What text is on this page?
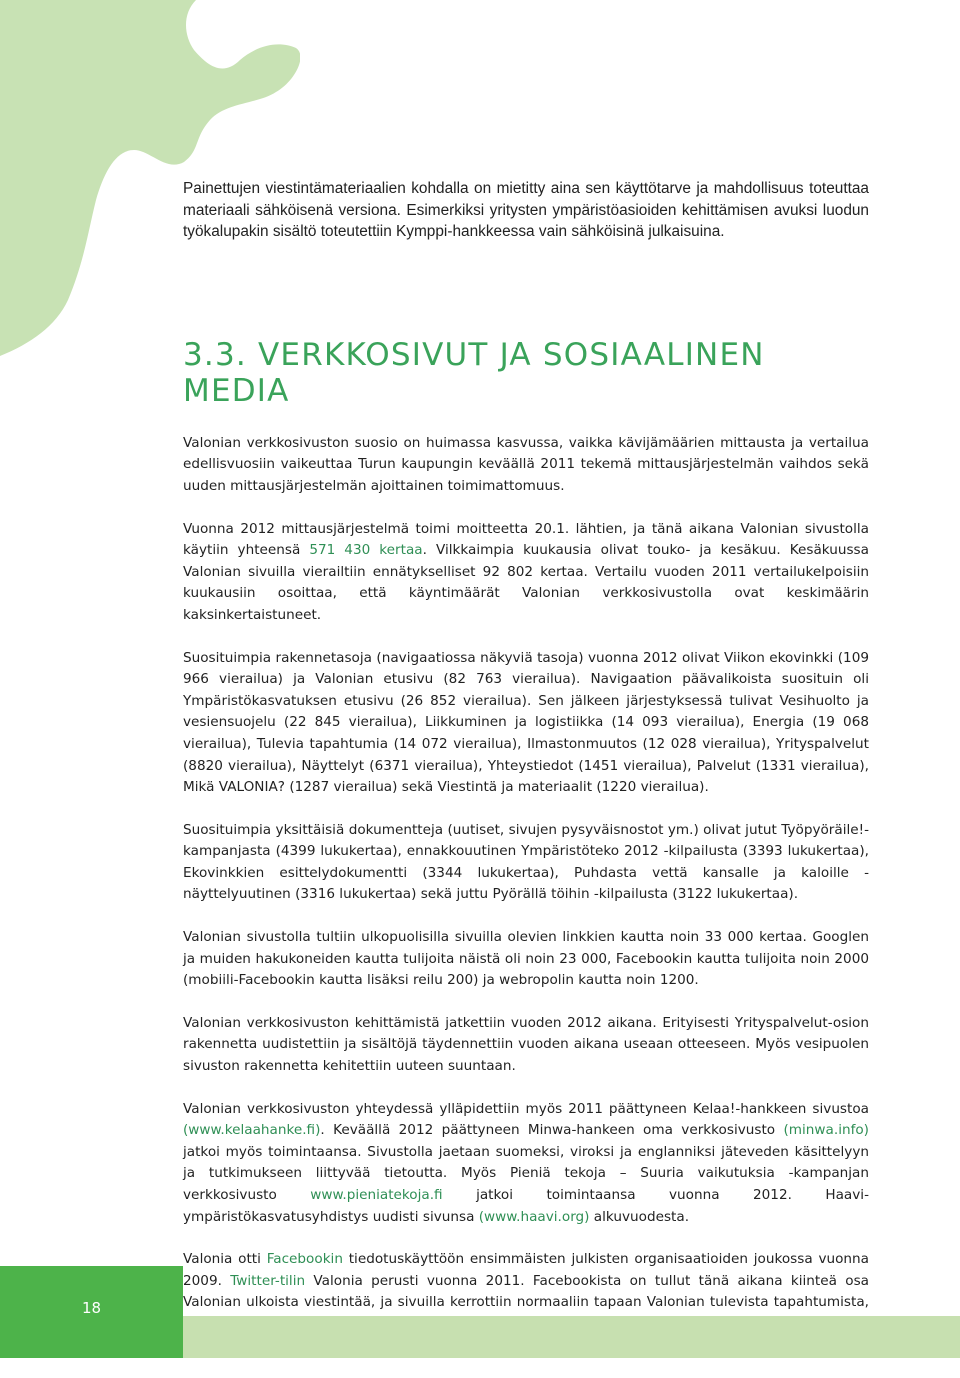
Painettujen viestintämateriaalien kohdalla on mietitty aina sen käyttötarve ja mahdollisuus toteuttaa materiaali sähköisenä versiona. Esimerkiksi yritysten ympäristöasioiden kehittämisen avuksi luodun työkalupakin sisältö toteutettiin Kymppi-hankkeessa vain sähköisinä julkaisuina.

3.3. VERKKOSIVUT JA SOSIAALINEN MEDIA

Valonian verkkosivuston suosio on huimassa kasvussa, vaikka kävijämäärien mittausta ja vertailua edellisvuosiin vaikeuttaa Turun kaupungin keväällä 2011 tekemä mittausjärjestelmän vaihdos sekä uuden mittausjärjestelmän ajoittainen toimimattomuus.

Vuonna 2012 mittausjärjestelmä toimi moitteetta 20.1. lähtien, ja tänä aikana Valonian sivustolla käytiin yhteensä 571 430 kertaa. Vilkkaimpia kuukausia olivat touko- ja kesäkuu. Kesäkuussa Valonian sivuilla vierailtiin ennätykselliset 92 802 kertaa. Vertailu vuoden 2011 vertailukelpoisiin kuukausiin osoittaa, että käyntimäärät Valonian verkkosivustolla ovat keskimäärin kaksinkertaistuneet.

Suosituimpia rakennetasoja (navigaatiossa näkyviä tasoja) vuonna 2012 olivat Viikon ekovinkki (109 966 vierailua) ja Valonian etusivu (82 763 vierailua). Navigaation päävalikoista suosituin oli Ympäristökasvatuksen etusivu (26 852 vierailua). Sen jälkeen järjestyksessä tulivat Vesihuolto ja vesiensuojelu (22 845 vierailua), Liikkuminen ja logistiikka (14 093 vierailua), Energia (19 068 vierailua), Tulevia tapahtumia (14 072 vierailua), Ilmastonmuutos (12 028 vierailua), Yrityspalvelut (8820 vierailua), Näyttelyt (6371 vierailua), Yhteystiedot (1451 vierailua), Palvelut (1331 vierailua), Mikä VALONIA? (1287 vierailua) sekä Viestintä ja materiaalit (1220 vierailua).

Suosituimpia yksittäisiä dokumentteja (uutiset, sivujen pysyväisnostot ym.) olivat jutut Työpyöräile!-kampanjasta (4399 lukukertaa), ennakkouutinen Ympäristöteko 2012 -kilpailusta (3393 lukukertaa), Ekovinkkien esittelydokumentti (3344 lukukertaa), Puhdasta vettä kansalle ja kaloille -näyttelyuutinen (3316 lukukertaa) sekä juttu Pyörällä töihin -kilpailusta (3122 lukukertaa).

Valonian sivustolla tultiin ulkopuolisilla sivuilla olevien linkkien kautta noin 33 000 kertaa. Googlen ja muiden hakukoneiden kautta tulijoita näistä oli noin 23 000, Facebookin kautta tulijoita noin 2000 (mobiili-Facebookin kautta lisäksi reilu 200) ja webropolin kautta noin 1200.

Valonian verkkosivuston kehittämistä jatkettiin vuoden 2012 aikana. Erityisesti Yrityspalvelut-osion rakennetta uudistettiin ja sisältöjä täydennettiin vuoden aikana useaan otteeseen. Myös vesipuolen sivuston rakennetta kehitettiin uuteen suuntaan.

Valonian verkkosivuston yhteydessä ylläpidettiin myös 2011 päättyneen Kelaa!-hankkeen sivustoa (www.kelaahanke.fi). Keväällä 2012 päättyneen Minwa-hankeen oma verkkosivusto (minwa.info) jatkoi myös toimintaansa. Sivustolla jaetaan suomeksi, viroksi ja englanniksi jäteveden käsittelyyn ja tutkimukseen liittyvää tietoutta. Myös Pieniä tekoja – Suuria vaikutuksia -kampanjan verkkosivusto www.pieniatekoja.fi jatkoi toimintaansa vuonna 2012. Haavi-ympäristökasvatusyhdistys uudisti sivunsa (www.haavi.org) alkuvuodesta.

Valonia otti Facebookin tiedotuskäyttöön ensimmäisten julkisten organisaatioiden joukossa vuonna 2009. Twitter-tilin Valonia perusti vuonna 2011. Facebookista on tullut tänä aikana kiinteä osa Valonian ulkoista viestintää, ja sivuilla kerrottiin normaaliin tapaan Valonian tulevista tapahtumista,

18
